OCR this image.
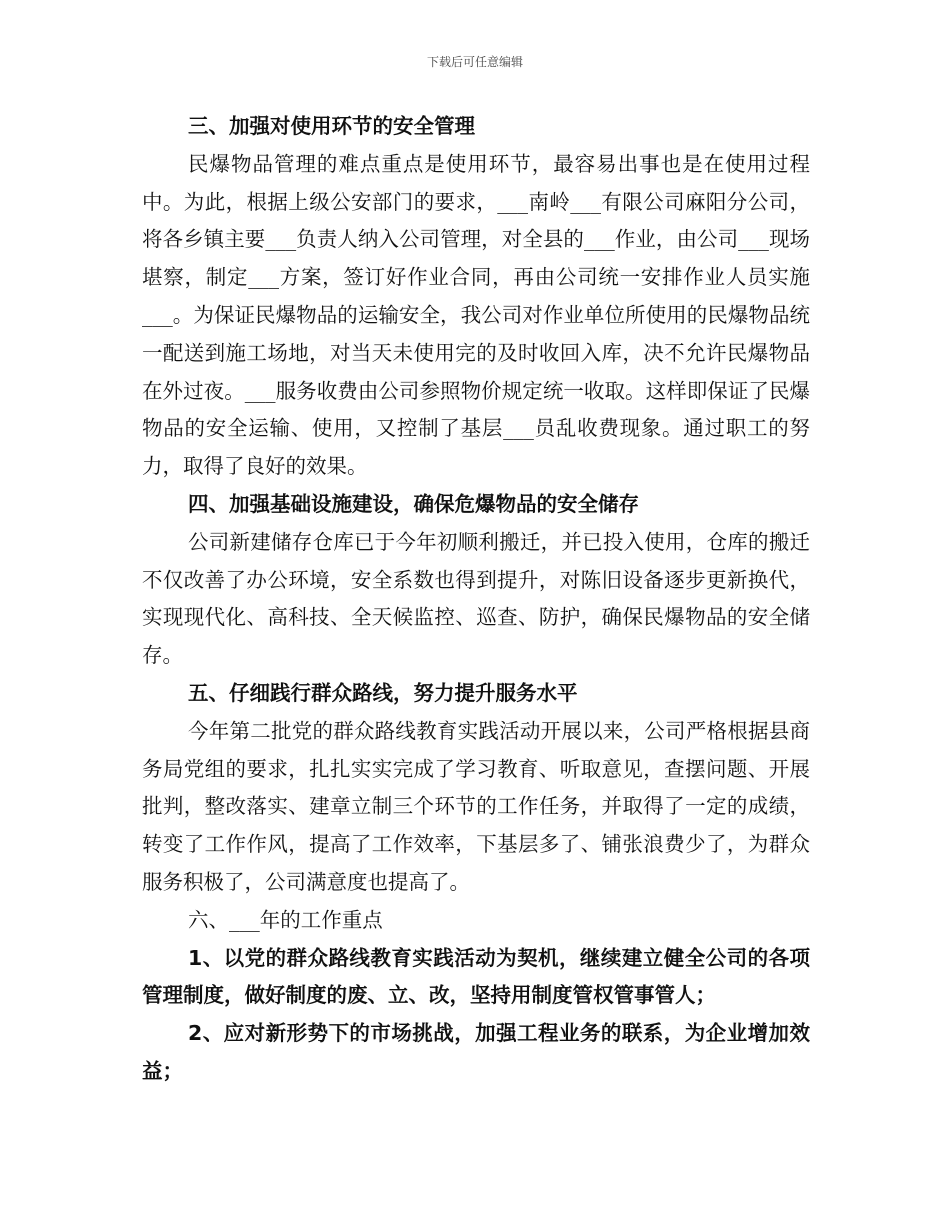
下载后可任意编辑

三、加强对使用环节的安全管理

民爆物品管理的难点重点是使用环节，最容易出事也是在使用过程中。为此，根据上级公安部门的要求，___南岭___有限公司麻阳分公司，将各乡镇主要___负责人纳入公司管理，对全县的___作业，由公司___现场堪察，制定___方案，签订好作业合同，再由公司统一安排作业人员实施___。为保证民爆物品的运输安全，我公司对作业单位所使用的民爆物品统一配送到施工场地，对当天未使用完的及时收回入库，决不允许民爆物品在外过夜。___服务收费由公司参照物价规定统一收取。这样即保证了民爆物品的安全运输、使用，又控制了基层___员乱收费现象。通过职工的努力，取得了良好的效果。

四、加强基础设施建设，确保危爆物品的安全储存

公司新建储存仓库已于今年初顺利搬迁，并已投入使用，仓库的搬迁不仅改善了办公环境，安全系数也得到提升，对陈旧设备逐步更新换代，实现现代化、高科技、全天候监控、巡查、防护，确保民爆物品的安全储存。

五、仔细践行群众路线，努力提升服务水平

今年第二批党的群众路线教育实践活动开展以来，公司严格根据县商务局党组的要求，扎扎实实完成了学习教育、听取意见，查摆问题、开展批判，整改落实、建章立制三个环节的工作任务，并取得了一定的成绩，转变了工作作风，提高了工作效率，下基层多了、铺张浪费少了，为群众服务积极了，公司满意度也提高了。

六、___年的工作重点

1、以党的群众路线教育实践活动为契机，继续建立健全公司的各项管理制度，做好制度的废、立、改，坚持用制度管权管事管人；

2、应对新形势下的市场挑战，加强工程业务的联系，为企业增加效益；
